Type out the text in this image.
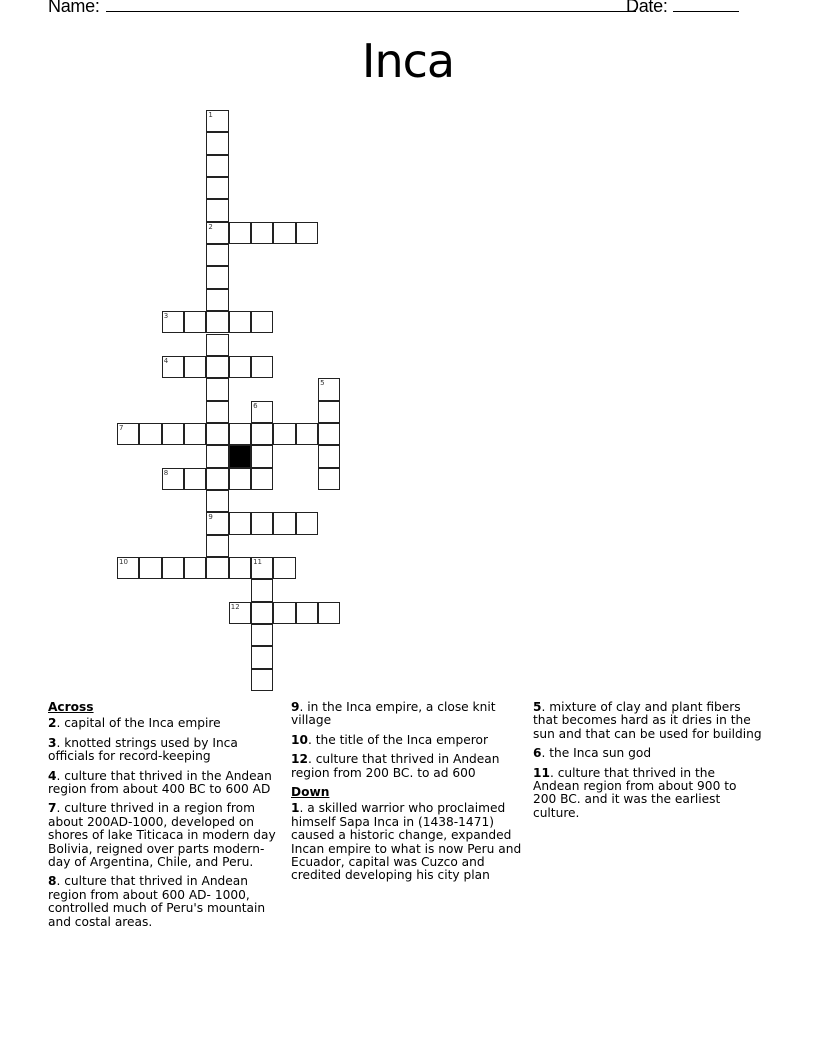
Name:	Date:
Inca
1
2
9
3
4
5
6
7
8
10	11
12
Across
2. capital of the Inca empire
3. knotted strings used by Inca officials for record-keeping
4. culture that thrived in the Andean region from about 400 BC to 600 AD
7. culture thrived in a region from about 200AD-1000, developed on shores of lake Titicaca in modern day Bolivia, reigned over parts modern-day of Argentina, Chile, and Peru.
8. culture that thrived in Andean region from about 600 AD- 1000, controlled much of Peru's mountain and costal areas.
9. in the Inca empire, a close knit village
10. the title of the Inca emperor
12. culture that thrived in Andean region from 200 BC. to ad 600
Down
1. a skilled warrior who proclaimed himself Sapa Inca in (1438-1471) caused a historic change, expanded Incan empire to what is now Peru and Ecuador, capital was Cuzco and credited developing his city plan
5. mixture of clay and plant fibers that becomes hard as it dries in the sun and that can be used for building
6. the Inca sun god
11. culture that thrived in the Andean region from about 900 to 200 BC. and it was the earliest culture.
